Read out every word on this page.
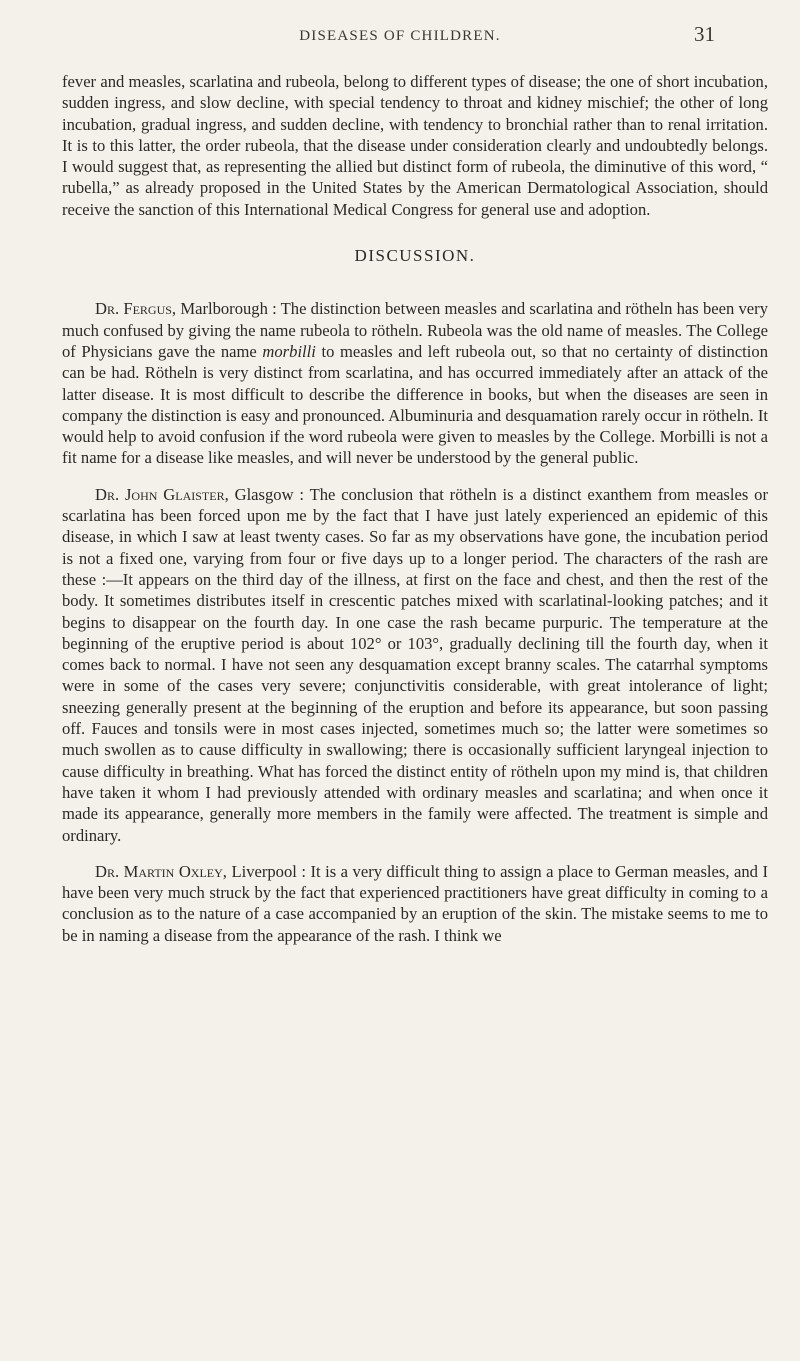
DISEASES OF CHILDREN.	31

fever and measles, scarlatina and rubeola, belong to different types of disease; the one of short incubation, sudden ingress, and slow decline, with special tendency to throat and kidney mischief; the other of long incubation, gradual ingress, and sudden decline, with tendency to bronchial rather than to renal irritation. It is to this latter, the order rubeola, that the disease under consideration clearly and undoubtedly belongs. I would suggest that, as representing the allied but distinct form of rubeola, the diminutive of this word, “ rubella,” as already proposed in the United States by the American Dermatological Association, should receive the sanction of this International Medical Congress for general use and adoption.

DISCUSSION.

Dr. Fergus, Marlborough : The distinction between measles and scarlatina and rötheln has been very much confused by giving the name rubeola to rötheln. Rubeola was the old name of measles. The College of Physicians gave the name morbilli to measles and left rubeola out, so that no certainty of distinction can be had. Rötheln is very distinct from scarlatina, and has occurred immediately after an attack of the latter disease. It is most difficult to describe the difference in books, but when the diseases are seen in company the distinction is easy and pronounced. Albuminuria and desquamation rarely occur in rötheln. It would help to avoid confusion if the word rubeola were given to measles by the College. Morbilli is not a fit name for a disease like measles, and will never be understood by the general public.

Dr. John Glaister, Glasgow : The conclusion that rötheln is a distinct exanthem from measles or scarlatina has been forced upon me by the fact that I have just lately experienced an epidemic of this disease, in which I saw at least twenty cases. So far as my observations have gone, the incubation period is not a fixed one, varying from four or five days up to a longer period. The characters of the rash are these :—It appears on the third day of the illness, at first on the face and chest, and then the rest of the body. It sometimes distributes itself in crescentic patches mixed with scarlatinal-looking patches; and it begins to disappear on the fourth day. In one case the rash became purpuric. The temperature at the beginning of the eruptive period is about 102° or 103°, gradually declining till the fourth day, when it comes back to normal. I have not seen any desquamation except branny scales. The catarrhal symptoms were in some of the cases very severe; conjunctivitis considerable, with great intolerance of light; sneezing generally present at the beginning of the eruption and before its appearance, but soon passing off. Fauces and tonsils were in most cases injected, sometimes much so; the latter were sometimes so much swollen as to cause difficulty in swallowing; there is occasionally sufficient laryngeal injection to cause difficulty in breathing. What has forced the distinct entity of rötheln upon my mind is, that children have taken it whom I had previously attended with ordinary measles and scarlatina; and when once it made its appearance, generally more members in the family were affected. The treatment is simple and ordinary.

Dr. Martin Oxley, Liverpool : It is a very difficult thing to assign a place to German measles, and I have been very much struck by the fact that experienced practitioners have great difficulty in coming to a conclusion as to the nature of a case accompanied by an eruption of the skin. The mistake seems to me to be in naming a disease from the appearance of the rash. I think we
